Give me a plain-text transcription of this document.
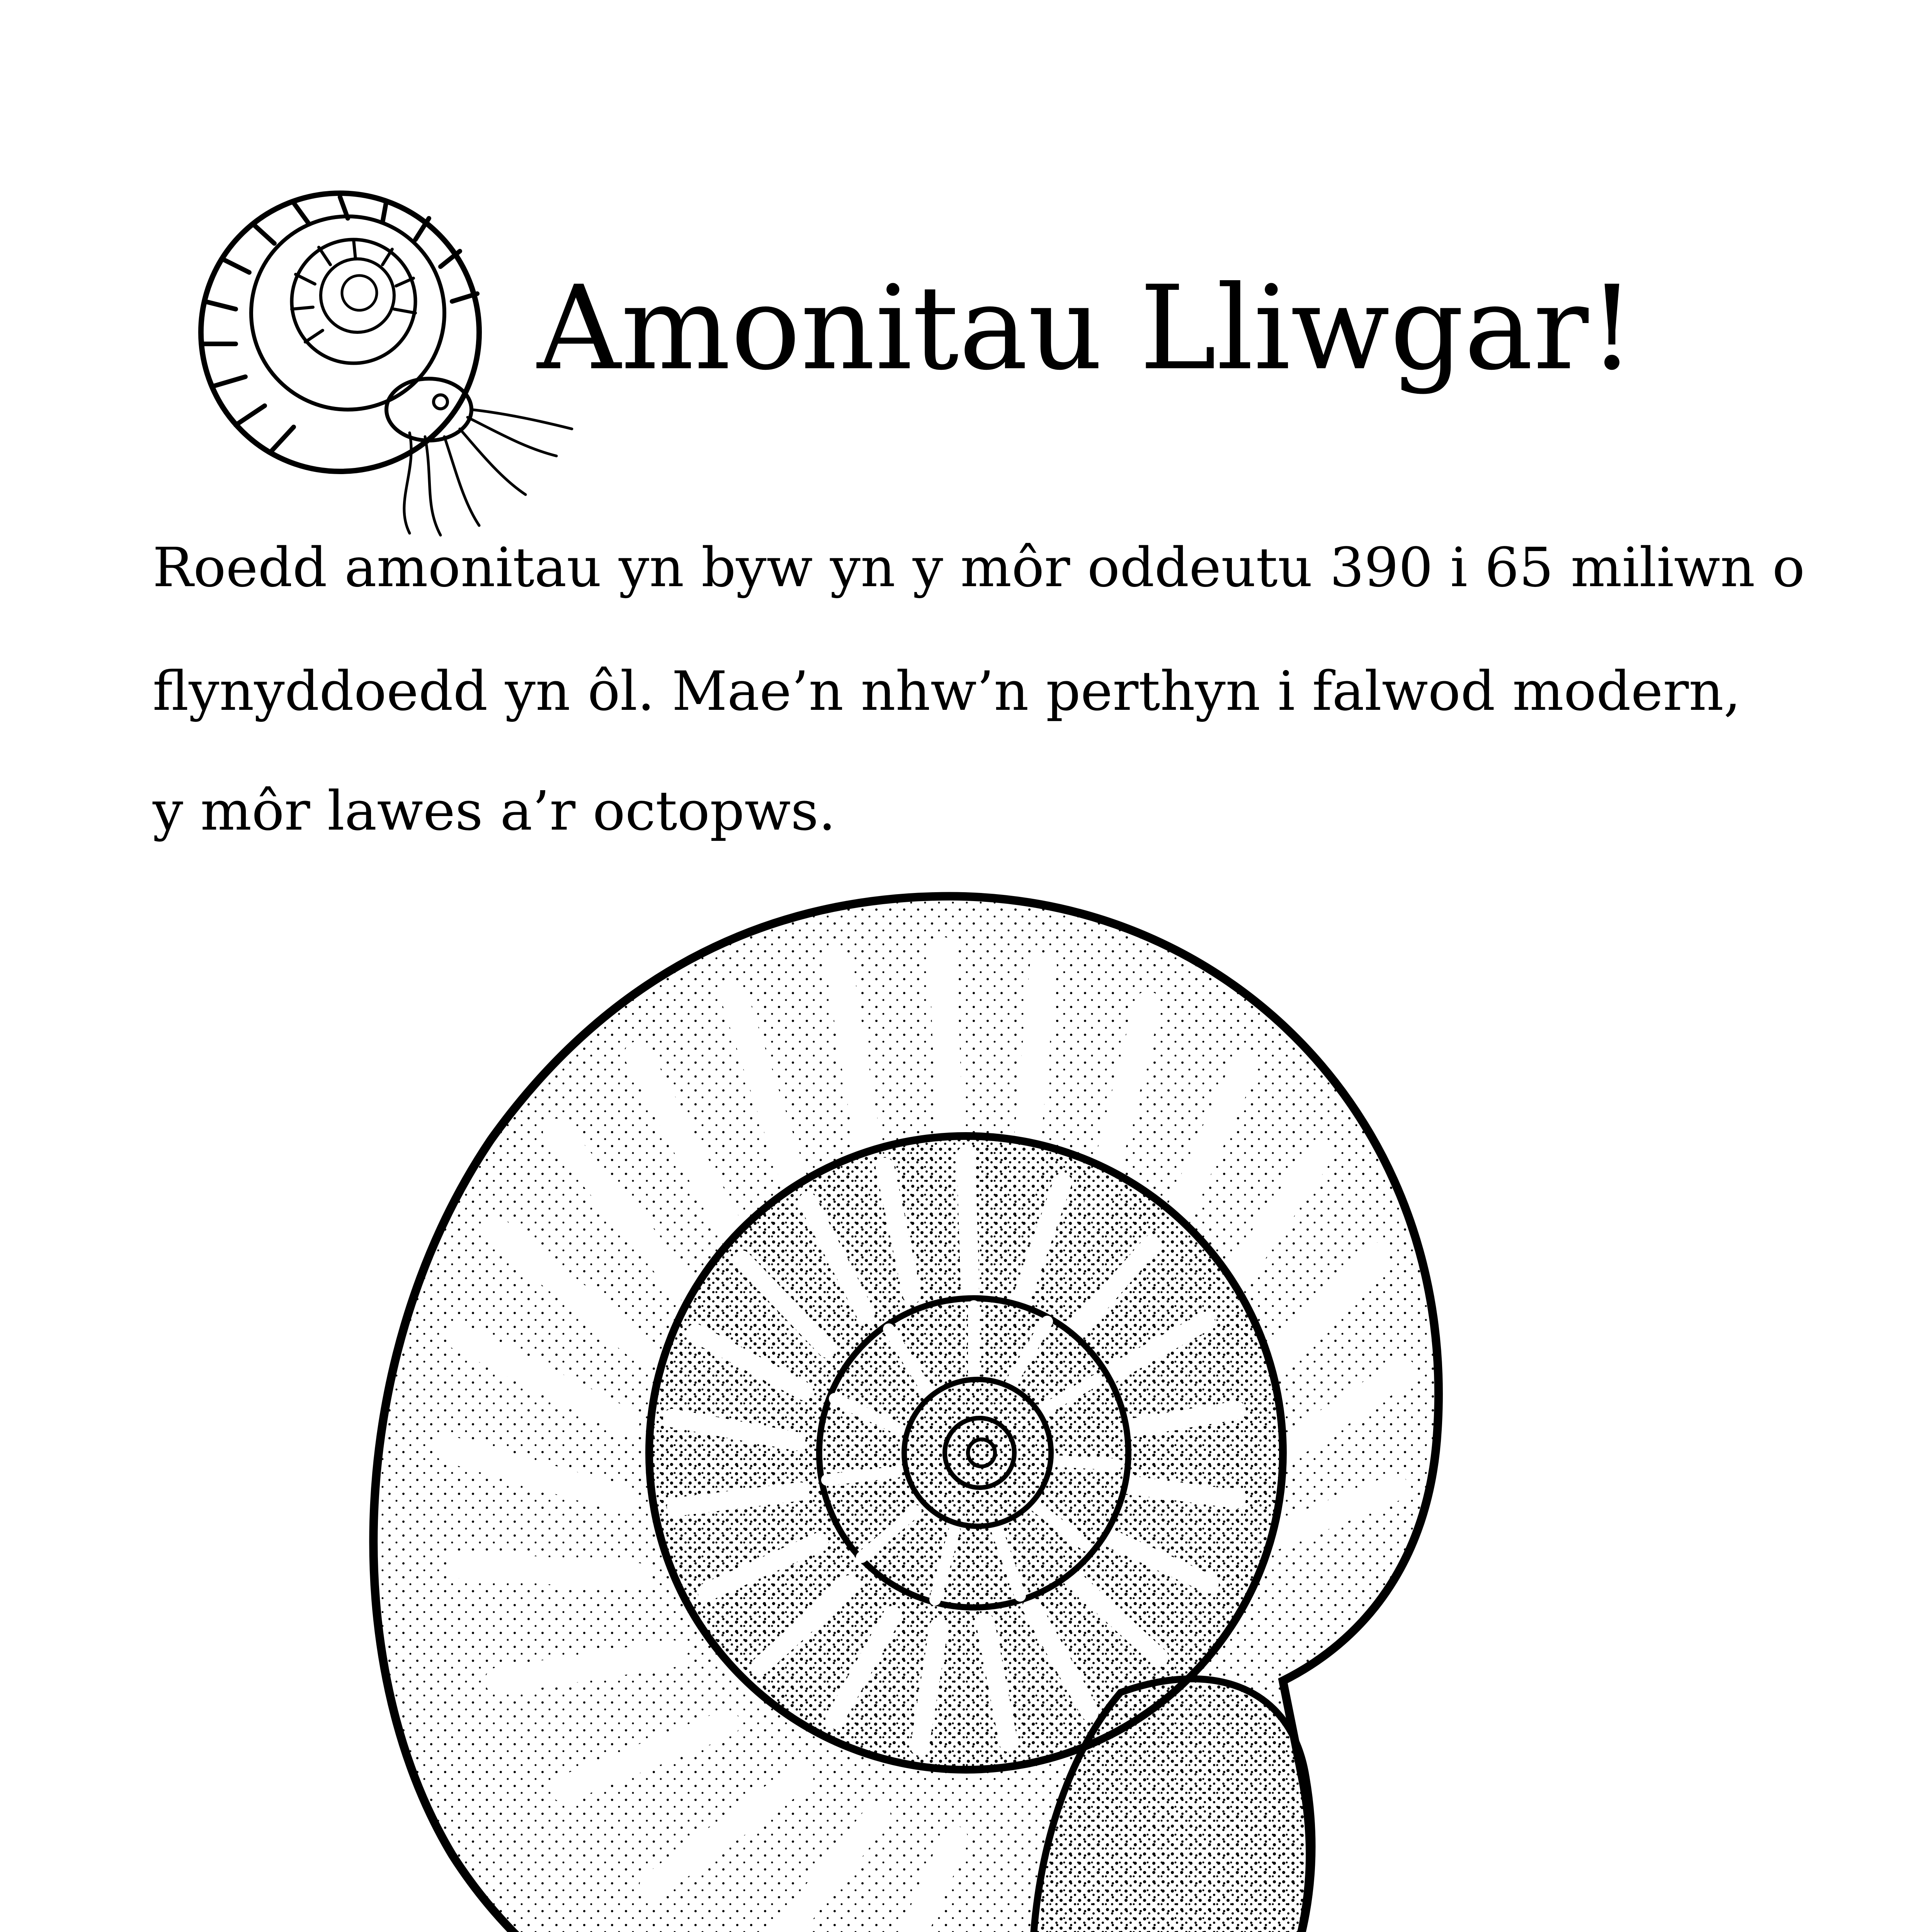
Amonitau Lliwgar!
Roedd amonitau yn byw yn y môr oddeutu 390 i 65 miliwn o
flynyddoedd yn ôl. Mae’n nhw’n perthyn i falwod modern,
y môr lawes a’r octopws.
